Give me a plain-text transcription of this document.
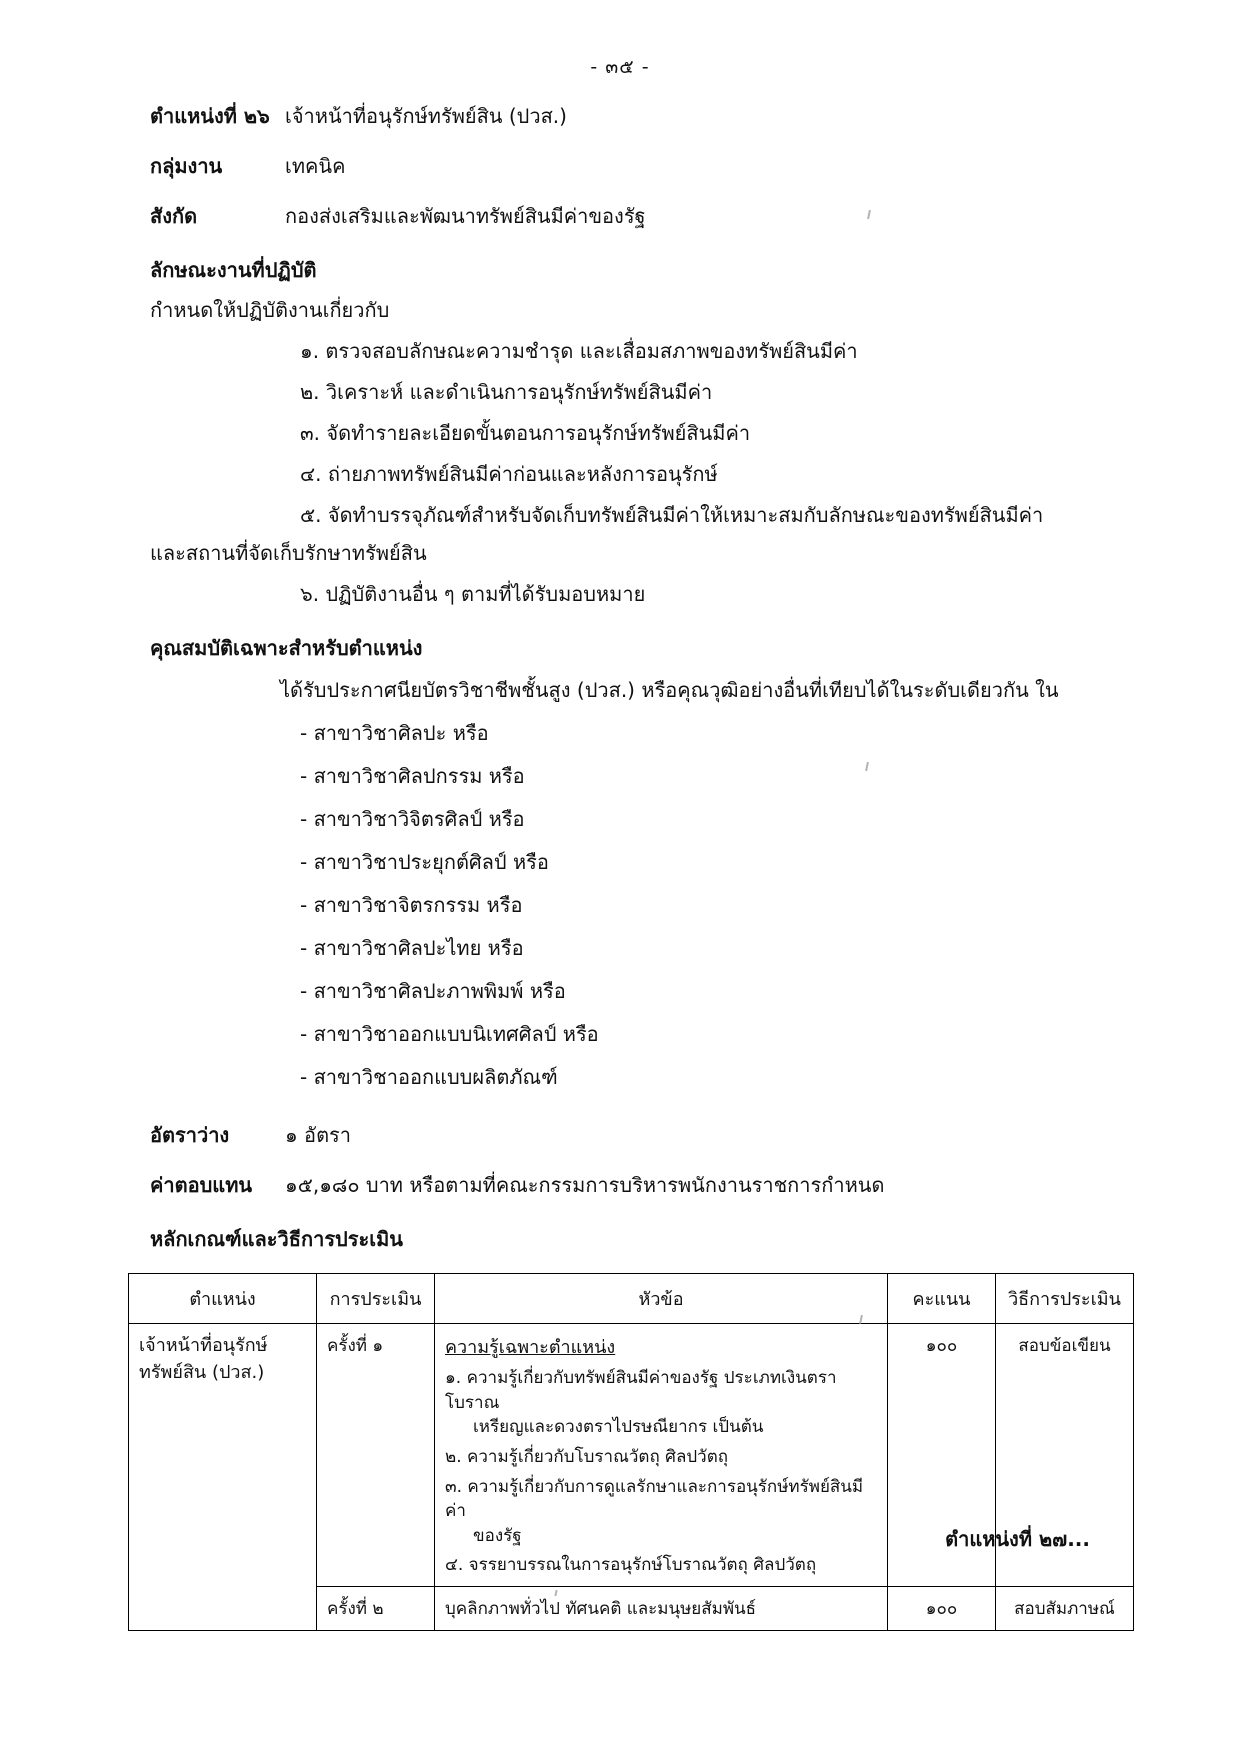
- ๓๕ -
ตำแหน่งที่ ๒๖ เจ้าหน้าที่อนุรักษ์ทรัพย์สิน (ปวส.)
กลุ่มงาน	เทคนิค
สังกัด	กองส่งเสริมและพัฒนาทรัพย์สินมีค่าของรัฐ
ลักษณะงานที่ปฏิบัติ
กำหนดให้ปฏิบัติงานเกี่ยวกับ
๑. ตรวจสอบลักษณะความชำรุด และเสื่อมสภาพของทรัพย์สินมีค่า
๒. วิเคราะห์ และดำเนินการอนุรักษ์ทรัพย์สินมีค่า
๓. จัดทำรายละเอียดขั้นตอนการอนุรักษ์ทรัพย์สินมีค่า
๔. ถ่ายภาพทรัพย์สินมีค่าก่อนและหลังการอนุรักษ์
๕. จัดทำบรรจุภัณฑ์สำหรับจัดเก็บทรัพย์สินมีค่าให้เหมาะสมกับลักษณะของทรัพย์สินมีค่า
และสถานที่จัดเก็บรักษาทรัพย์สิน
๖. ปฏิบัติงานอื่น ๆ ตามที่ได้รับมอบหมาย
คุณสมบัติเฉพาะสำหรับตำแหน่ง
ได้รับประกาศนียบัตรวิชาชีพชั้นสูง (ปวส.) หรือคุณวุฒิอย่างอื่นที่เทียบได้ในระดับเดียวกัน ใน
- สาขาวิชาศิลปะ หรือ
- สาขาวิชาศิลปกรรม หรือ
- สาขาวิชาวิจิตรศิลป์ หรือ
- สาขาวิชาประยุกต์ศิลป์ หรือ
- สาขาวิชาจิตรกรรม หรือ
- สาขาวิชาศิลปะไทย หรือ
- สาขาวิชาศิลปะภาพพิมพ์ หรือ
- สาขาวิชาออกแบบนิเทศศิลป์ หรือ
- สาขาวิชาออกแบบผลิตภัณฑ์
อัตราว่าง	๑ อัตรา
ค่าตอบแทน	๑๕,๑๘๐ บาท หรือตามที่คณะกรรมการบริหารพนักงานราชการกำหนด
หลักเกณฑ์และวิธีการประเมิน
ตำแหน่ง	การประเมิน	หัวข้อ	คะแนน	วิธีการประเมิน

เจ้าหน้าที่อนุรักษ์
ทรัพย์สิน (ปวส.)
	ครั้งที่ ๑	ความรู้เฉพาะตำแหน่ง
๑. ความรู้เกี่ยวกับทรัพย์สินมีค่าของรัฐ ประเภทเงินตราโบราณ
เหรียญและดวงตราไปรษณียากร เป็นต้น
๒. ความรู้เกี่ยวกับโบราณวัตถุ ศิลปวัตถุ
๓. ความรู้เกี่ยวกับการดูแลรักษาและการอนุรักษ์ทรัพย์สินมีค่า
ของรัฐ
๔. จรรยาบรรณในการอนุรักษ์โบราณวัตถุ ศิลปวัตถุ
	๑๐๐	สอบข้อเขียน
	ครั้งที่ ๒	บุคลิกภาพทั่วไป ทัศนคติ และมนุษยสัมพันธ์	๑๐๐	สอบสัมภาษณ์
ตำแหน่งที่ ๒๗...
